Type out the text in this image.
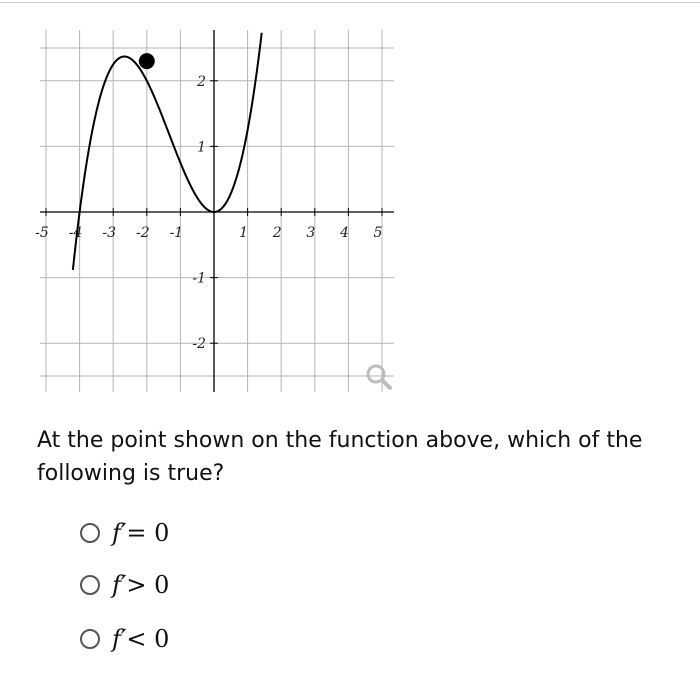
-5 -4 -3 -2 -1	1 2 3 4 5
2
1
-1
-2
At the point shown on the function above, which of the following is true?
f′= 0
f′> 0
f′< 0
